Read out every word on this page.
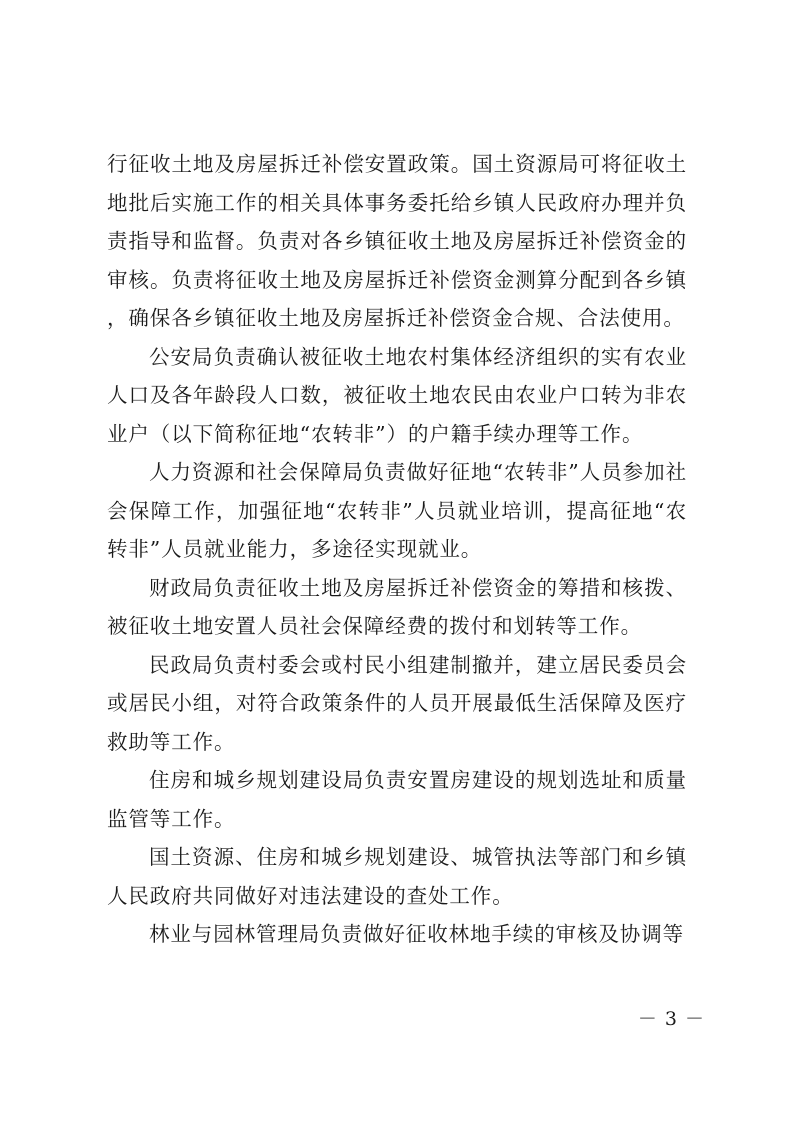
行征收土地及房屋拆迁补偿安置政策。国土资源局可将征收土地批后实施工作的相关具体事务委托给乡镇人民政府办理并负责指导和监督。负责对各乡镇征收土地及房屋拆迁补偿资金的审核。负责将征收土地及房屋拆迁补偿资金测算分配到各乡镇，确保各乡镇征收土地及房屋拆迁补偿资金合规、合法使用。

公安局负责确认被征收土地农村集体经济组织的实有农业人口及各年龄段人口数，被征收土地农民由农业户口转为非农业户（以下简称征地“农转非”）的户籍手续办理等工作。

人力资源和社会保障局负责做好征地“农转非”人员参加社会保障工作，加强征地“农转非”人员就业培训，提高征地“农转非”人员就业能力，多途径实现就业。

财政局负责征收土地及房屋拆迁补偿资金的筹措和核拨、被征收土地安置人员社会保障经费的拨付和划转等工作。

民政局负责村委会或村民小组建制撤并，建立居民委员会或居民小组，对符合政策条件的人员开展最低生活保障及医疗救助等工作。

住房和城乡规划建设局负责安置房建设的规划选址和质量监管等工作。

国土资源、住房和城乡规划建设、城管执法等部门和乡镇人民政府共同做好对违法建设的查处工作。

林业与园林管理局负责做好征收林地手续的审核及协调等

－ 3 －
